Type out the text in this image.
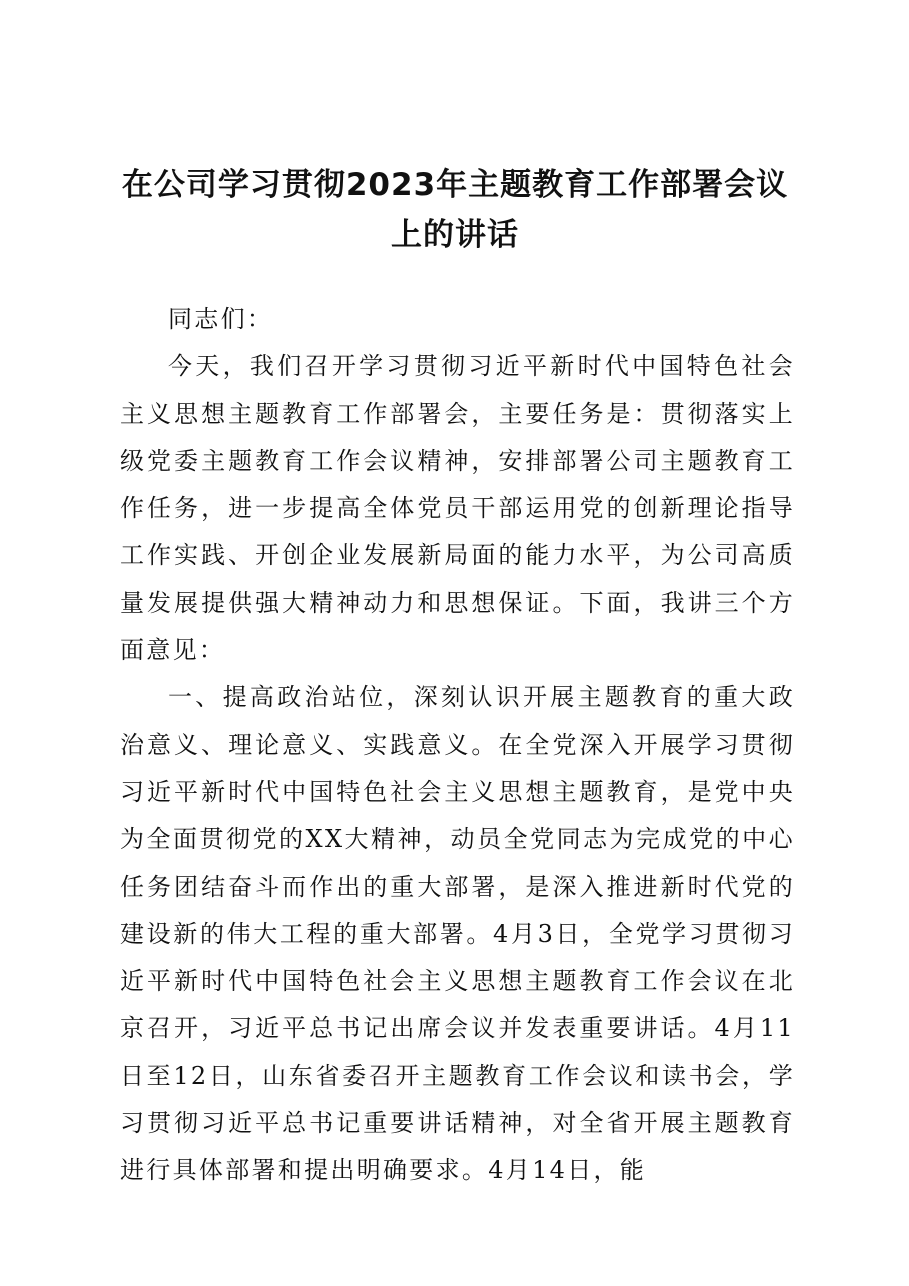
在公司学习贯彻2023年主题教育工作部署会议上的讲话

同志们：

今天，我们召开学习贯彻习近平新时代中国特色社会主义思想主题教育工作部署会，主要任务是：贯彻落实上级党委主题教育工作会议精神，安排部署公司主题教育工作任务，进一步提高全体党员干部运用党的创新理论指导工作实践、开创企业发展新局面的能力水平，为公司高质量发展提供强大精神动力和思想保证。下面，我讲三个方面意见：

一、提高政治站位，深刻认识开展主题教育的重大政治意义、理论意义、实践意义。在全党深入开展学习贯彻习近平新时代中国特色社会主义思想主题教育，是党中央为全面贯彻党的XX大精神，动员全党同志为完成党的中心任务团结奋斗而作出的重大部署，是深入推进新时代党的建设新的伟大工程的重大部署。4月3日，全党学习贯彻习近平新时代中国特色社会主义思想主题教育工作会议在北京召开，习近平总书记出席会议并发表重要讲话。4月11日至12日，山东省委召开主题教育工作会议和读书会，学习贯彻习近平总书记重要讲话精神，对全省开展主题教育进行具体部署和提出明确要求。4月14日，能
